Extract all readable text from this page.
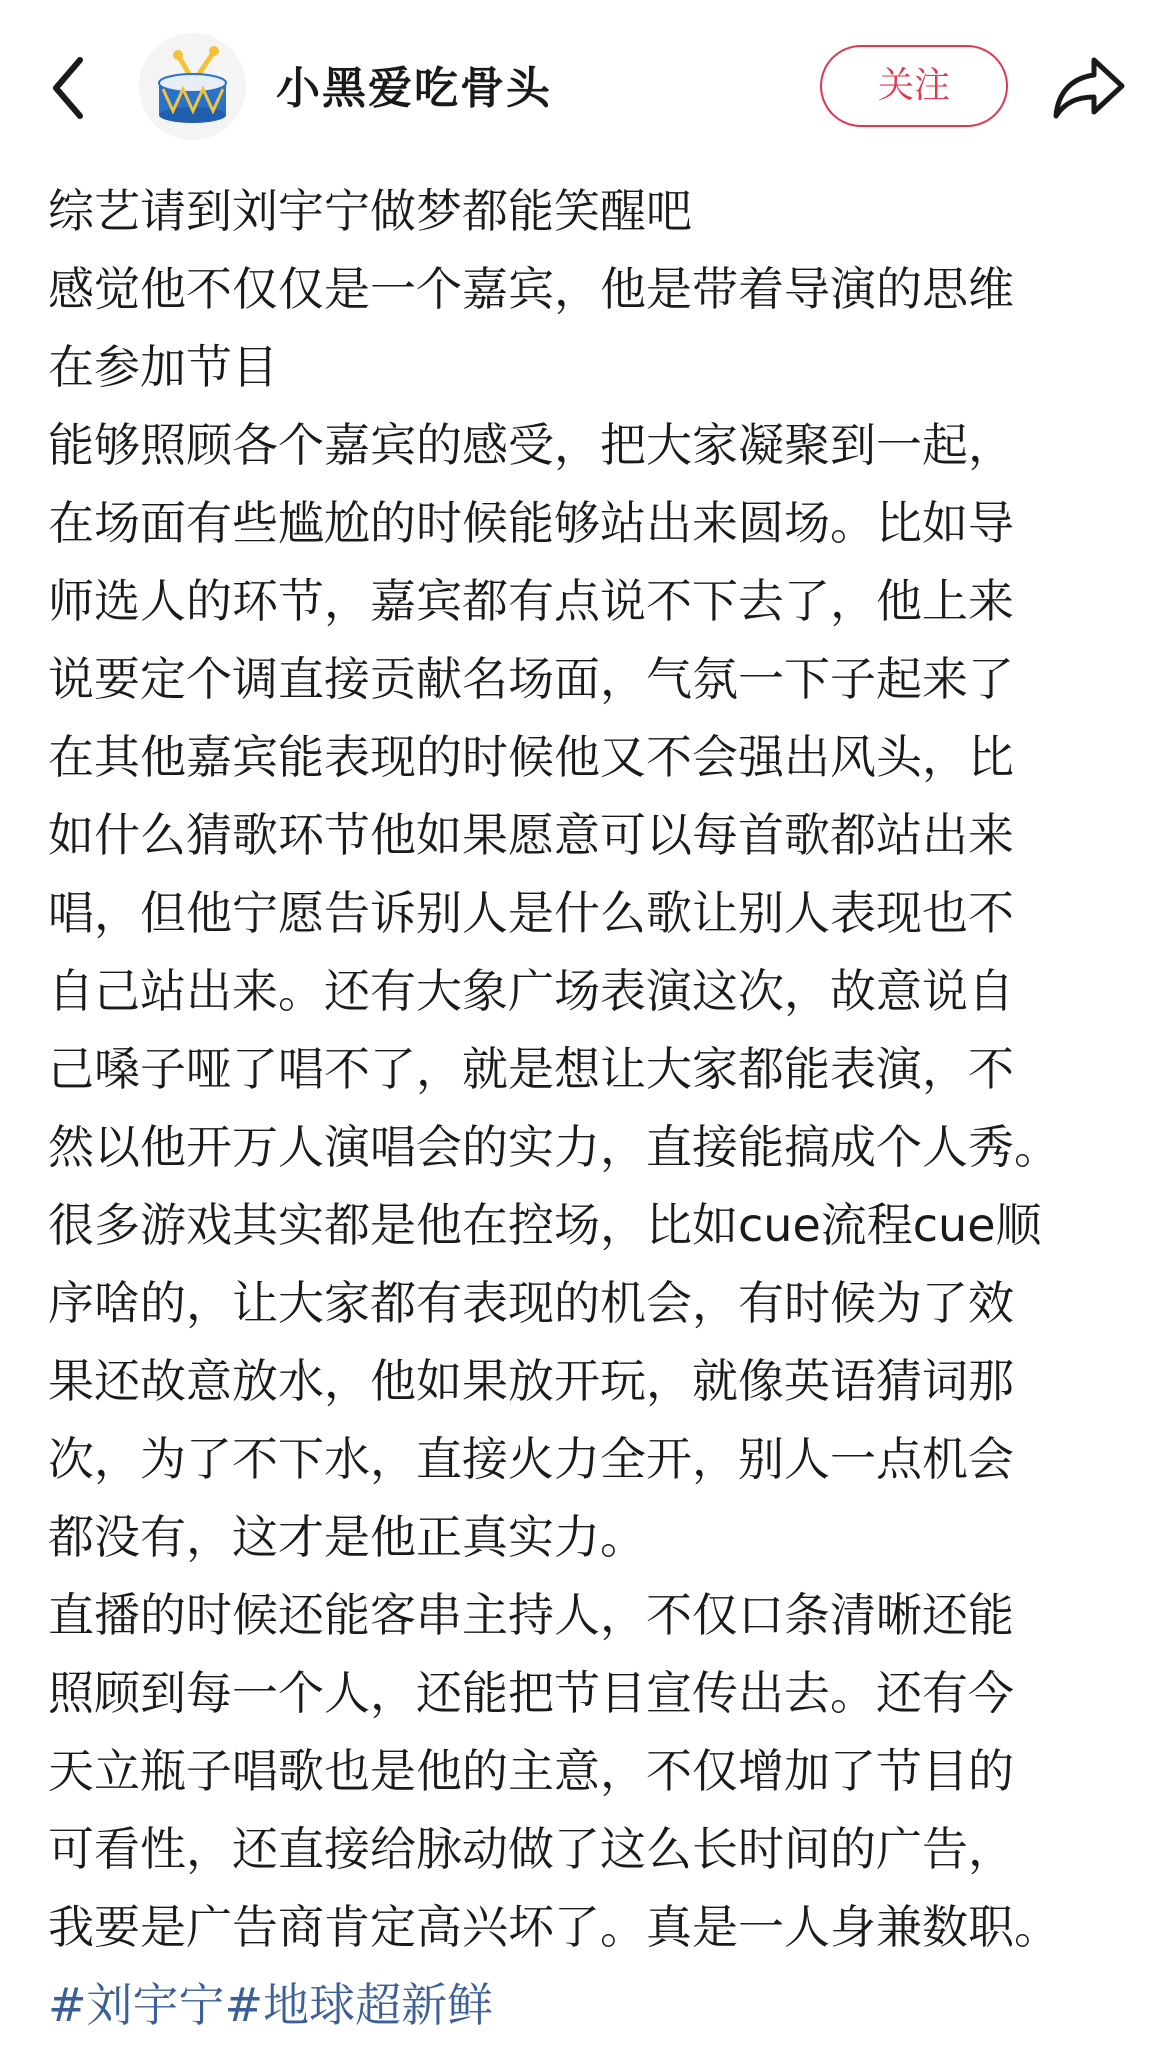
小黑爱吃骨头	关注
综艺请到刘宇宁做梦都能笑醒吧
感觉他不仅仅是一个嘉宾，他是带着导演的思维
在参加节目
能够照顾各个嘉宾的感受，把大家凝聚到一起，
在场面有些尴尬的时候能够站出来圆场。比如导
师选人的环节，嘉宾都有点说不下去了，他上来
说要定个调直接贡献名场面，气氛一下子起来了
在其他嘉宾能表现的时候他又不会强出风头，比
如什么猜歌环节他如果愿意可以每首歌都站出来
唱，但他宁愿告诉别人是什么歌让别人表现也不
自己站出来。还有大象广场表演这次，故意说自
己嗓子哑了唱不了，就是想让大家都能表演，不
然以他开万人演唱会的实力，直接能搞成个人秀。
很多游戏其实都是他在控场，比如cue流程cue顺
序啥的，让大家都有表现的机会，有时候为了效
果还故意放水，他如果放开玩，就像英语猜词那
次，为了不下水，直接火力全开，别人一点机会
都没有，这才是他正真实力。
直播的时候还能客串主持人，不仅口条清晰还能
照顾到每一个人，还能把节目宣传出去。还有今
天立瓶子唱歌也是他的主意，不仅增加了节目的
可看性，还直接给脉动做了这么长时间的广告，
我要是广告商肯定高兴坏了。真是一人身兼数职。
#刘宇宁#地球超新鲜
